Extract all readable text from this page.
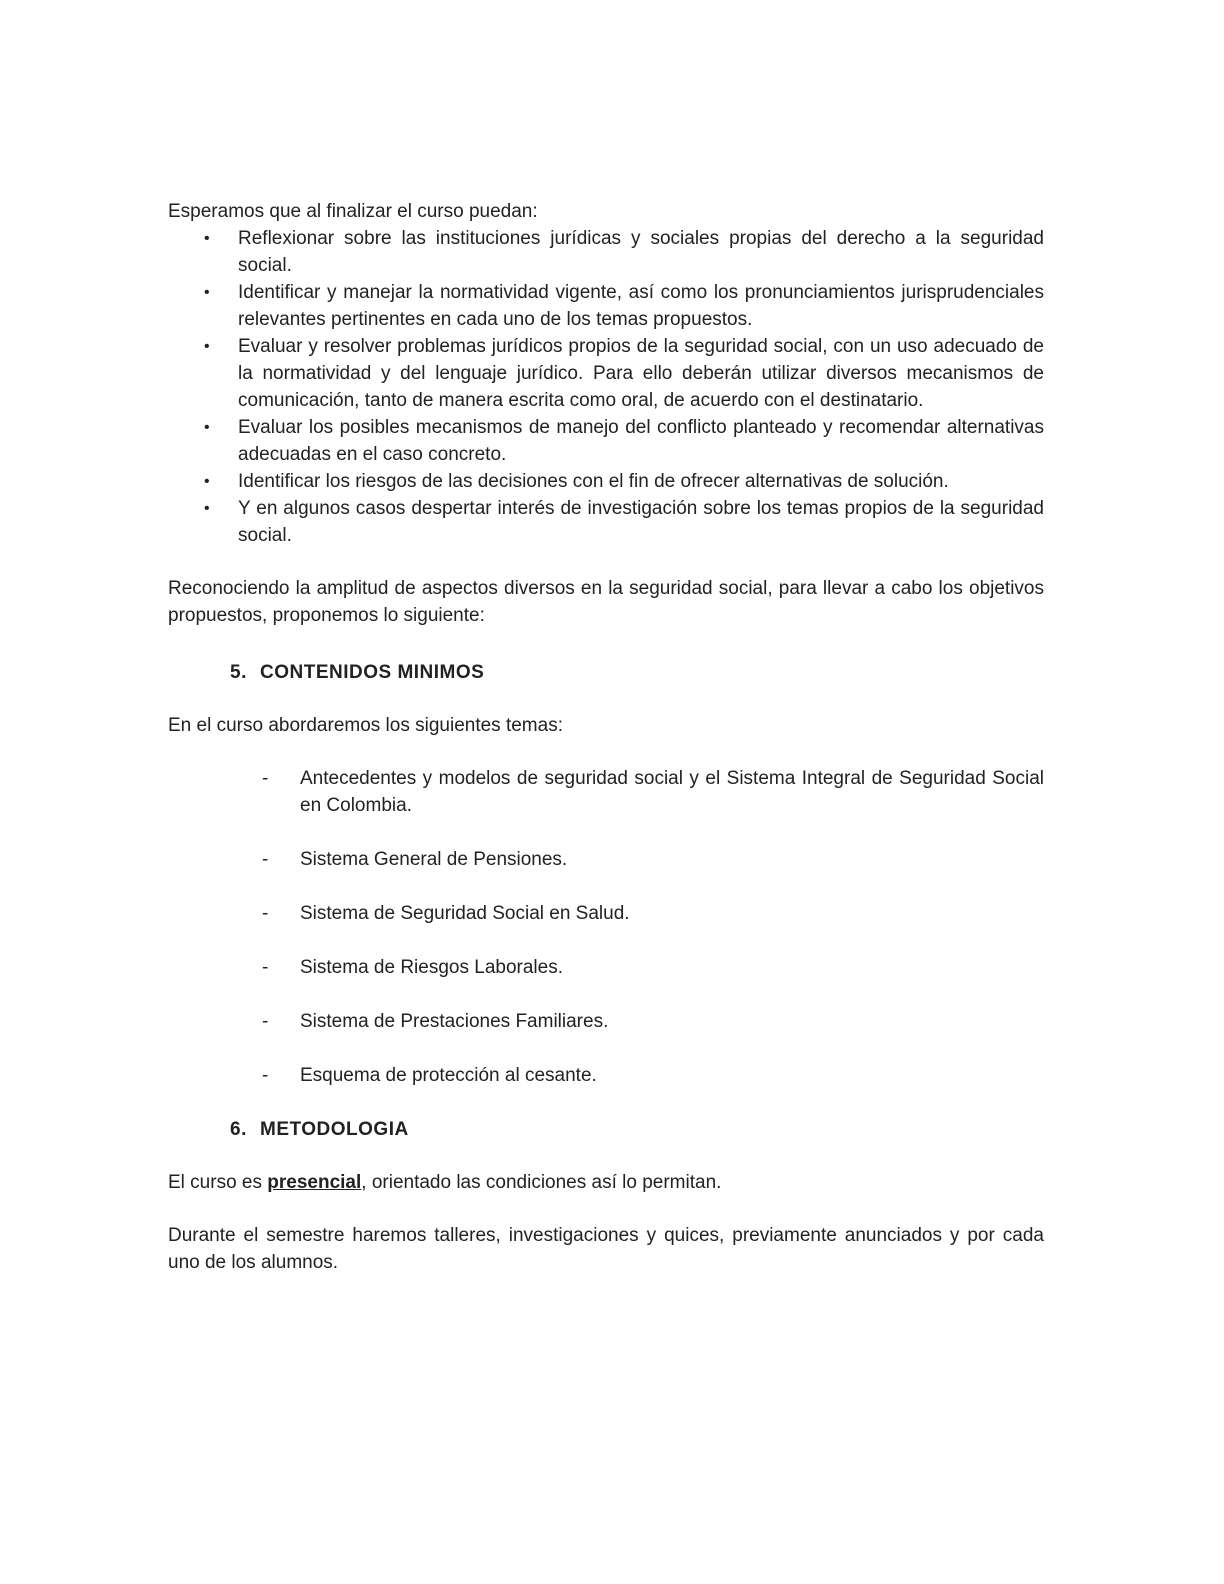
Esperamos que al finalizar el curso puedan:

• Reflexionar sobre las instituciones jurídicas y sociales propias del derecho a la seguridad social.
• Identificar y manejar la normatividad vigente, así como los pronunciamientos jurisprudenciales relevantes pertinentes en cada uno de los temas propuestos.
• Evaluar y resolver problemas jurídicos propios de la seguridad social, con un uso adecuado de la normatividad y del lenguaje jurídico. Para ello deberán utilizar diversos mecanismos de comunicación, tanto de manera escrita como oral, de acuerdo con el destinatario.
• Evaluar los posibles mecanismos de manejo del conflicto planteado y recomendar alternativas adecuadas en el caso concreto.
• Identificar los riesgos de las decisiones con el fin de ofrecer alternativas de solución.
• Y en algunos casos despertar interés de investigación sobre los temas propios de la seguridad social.

Reconociendo la amplitud de aspectos diversos en la seguridad social, para llevar a cabo los objetivos propuestos, proponemos lo siguiente:

5. CONTENIDOS MINIMOS

En el curso abordaremos los siguientes temas:

- Antecedentes y modelos de seguridad social y el Sistema Integral de Seguridad Social en Colombia.
- Sistema General de Pensiones.
- Sistema de Seguridad Social en Salud.
- Sistema de Riesgos Laborales.
- Sistema de Prestaciones Familiares.
- Esquema de protección al cesante.
6. METODOLOGIA

El curso es presencial, orientado las condiciones así lo permitan.

Durante el semestre haremos talleres, investigaciones y quices, previamente anunciados y por cada uno de los alumnos.
